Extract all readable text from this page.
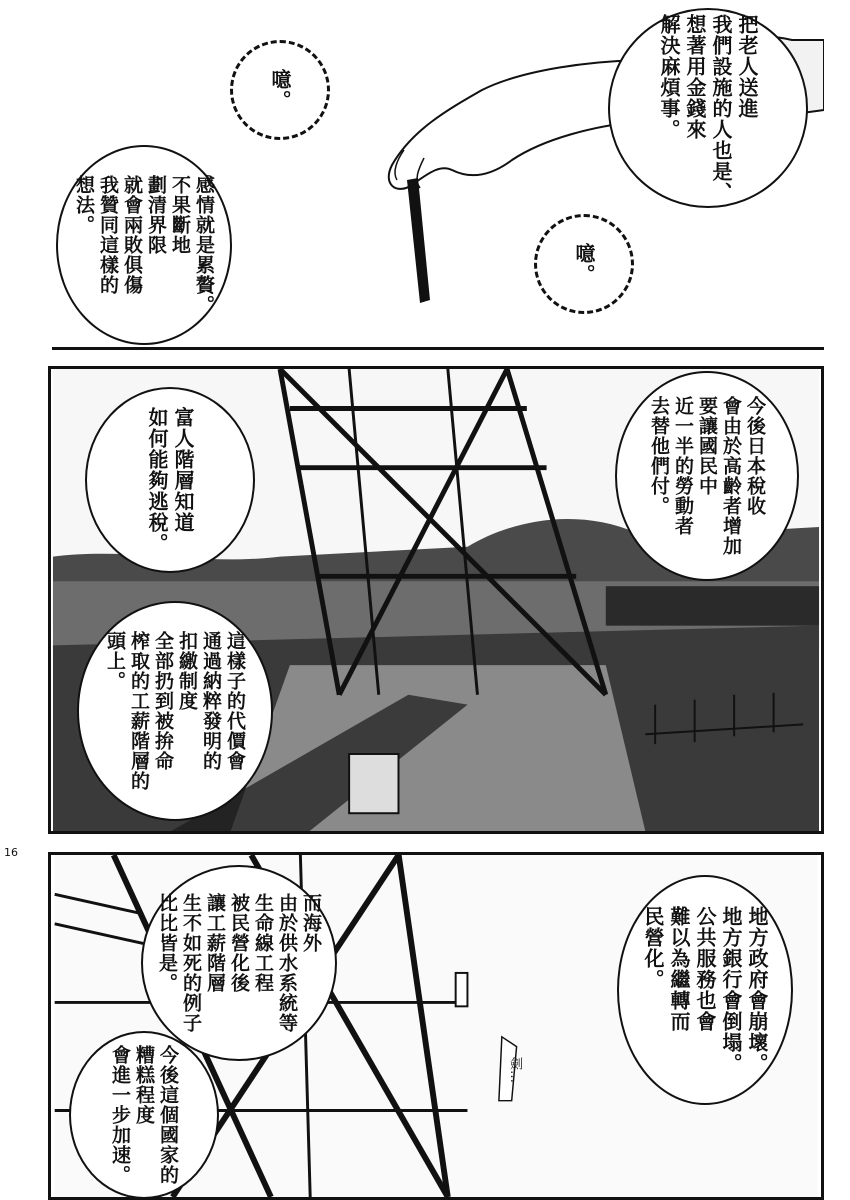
16
把老人送進
我們設施的人也是、
想著用金錢來
解決麻煩事。
噫。
噫。
感情就是累贅。
不果斷地
劃清界限
就會兩敗俱傷
我贊同這樣的
想法。
今後日本稅收
會由於高齡者增加
要讓國民中
近一半的勞動者
去替他們付。
富人階層知道
如何能夠逃稅。
這樣子的代價會
通過納粹發明的
扣繳制度
全部扔到被拚命
榨取的工薪階層的
頭上。
劍…	地方政府會崩壞。
地方銀行會倒塌。
公共服務也會
難以為繼轉而
民營化。
而海外
由於供水系統等
生命線工程
被民營化後
讓工薪階層
生不如死的例子
比比皆是。
今後這個國家的
糟糕程度
會進一步加速。
